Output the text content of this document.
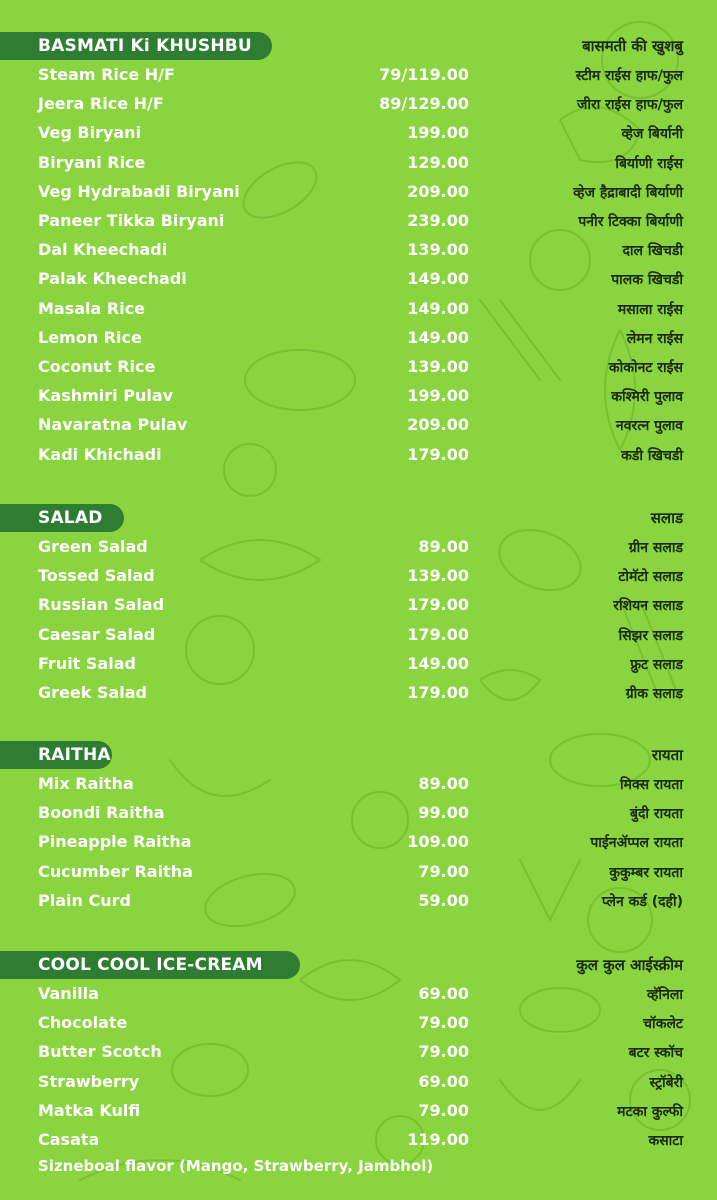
BASMATI Ki KHUSHBU	बासमती की खुशबु
Steam Rice H/F	79/119.00	स्टीम राईस हाफ/फुल
Jeera Rice H/F	89/129.00	जीरा राईस हाफ/फुल
Veg Biryani	199.00	व्हेज बिर्यानी
Biryani Rice	129.00	बिर्याणी राईस
Veg Hydrabadi Biryani	209.00	व्हेज हैद्राबादी बिर्याणी
Paneer Tikka Biryani	239.00	पनीर टिक्का बिर्याणी
Dal Kheechadi	139.00	दाल खिचडी
Palak Kheechadi	149.00	पालक खिचडी
Masala Rice	149.00	मसाला राईस
Lemon Rice	149.00	लेमन राईस
Coconut Rice	139.00	कोकोनट राईस
Kashmiri Pulav	199.00	कश्मिरी पुलाव
Navaratna Pulav	209.00	नवरत्न पुलाव
Kadi Khichadi	179.00	कडी खिचडी
SALAD	सलाड
Green Salad	89.00	ग्रीन सलाड
Tossed Salad	139.00	टोमॅटो सलाड
Russian Salad	179.00	रशियन सलाड
Caesar Salad	179.00	सिझर सलाड
Fruit Salad	149.00	फ्रुट सलाड
Greek Salad	179.00	ग्रीक सलाड
RAITHA	रायता
Mix Raitha	89.00	मिक्स रायता
Boondi Raitha	99.00	बुंदी रायता
Pineapple Raitha	109.00	पाईनॲप्पल रायता
Cucumber Raitha	79.00	कुकुम्बर रायता
Plain Curd	59.00	प्लेन कर्ड (दही)
COOL COOL ICE-CREAM	कुल कुल आईस्क्रीम
Vanilla	69.00	व्हॅनिला
Chocolate	79.00	चॉकलेट
Butter Scotch	79.00	बटर स्कॉच
Strawberry	69.00	स्ट्रॉबेरी
Matka Kulfi	79.00	मटका कुल्फी
Casata	119.00	कसाटा
Sizneboal flavor (Mango, Strawberry, Jambhol)
